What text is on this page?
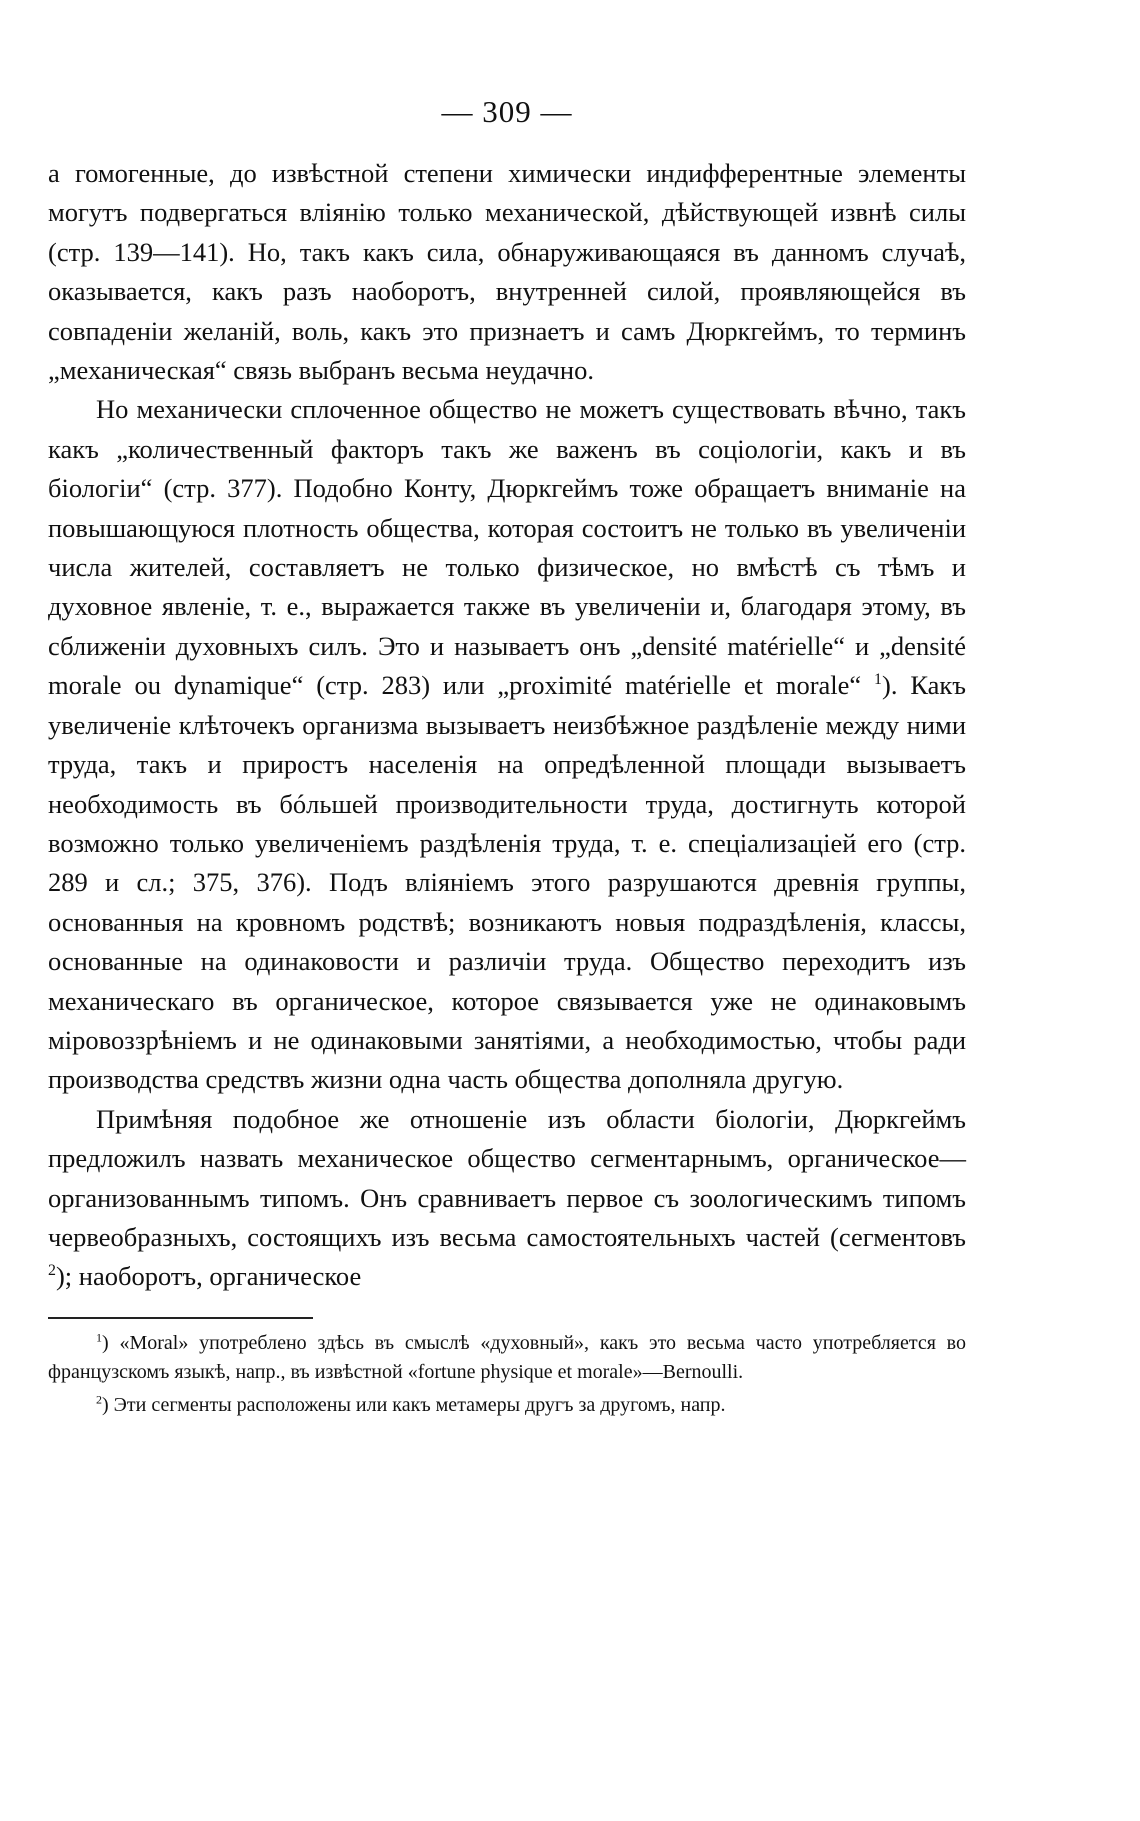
— 309 —

а гомогенные, до извѣстной степени химически индифферентные элементы могутъ подвергаться вліянію только механической, дѣйствующей извнѣ силы (стр. 139—141). Но, такъ какъ сила, обнаруживающаяся въ данномъ случаѣ, оказывается, какъ разъ наоборотъ, внутренней силой, проявляющейся въ совпаденіи желаній, воль, какъ это признаетъ и самъ Дюркгеймъ, то терминъ „механическая“ связь выбранъ весьма неудачно.

Но механически сплоченное общество не можетъ существовать вѣчно, такъ какъ „количественный факторъ такъ же важенъ въ соціологіи, какъ и въ біологіи“ (стр. 377). Подобно Конту, Дюркгеймъ тоже обращаетъ вниманіе на повышающуюся плотность общества, которая состоитъ не только въ увеличеніи числа жителей, составляетъ не только физическое, но вмѣстѣ съ тѣмъ и духовное явленіе, т. е., выражается также въ увеличеніи и, благодаря этому, въ сближеніи духовныхъ силъ. Это и называетъ онъ „densité matérielle“ и „densité morale ou dynamique“ (стр. 283) или „proximité matérielle et morale“ $^1$). Какъ увеличеніе клѣточекъ организма вызываетъ неизбѣжное раздѣленіе между ними труда, такъ и приростъ населенія на опредѣленной площади вызываетъ необходимость въ бóльшей производительности труда, достигнуть которой возможно только увеличеніемъ раздѣленія труда, т. е. спеціализаціей его (стр. 289 и сл.; 375, 376). Подъ вліяніемъ этого разрушаются древнія группы, основанныя на кровномъ родствѣ; возникаютъ новыя подраздѣленія, классы, основанные на одинаковости и различіи труда. Общество переходитъ изъ механическаго въ органическое, которое связывается уже не одинаковымъ міровоззрѣніемъ и не одинаковыми занятіями, а необходимостью, чтобы ради производства средствъ жизни одна часть общества дополняла другую.

Примѣняя подобное же отношеніе изъ области біологіи, Дюркгеймъ предложилъ назвать механическое общество сегментарнымъ, органическое—организованнымъ типомъ. Онъ сравниваетъ первое съ зоологическимъ типомъ червеобразныхъ, состоящихъ изъ весьма самостоятельныхъ частей (сегментовъ $^2$); наоборотъ, органическое

$^1$) «Moral» употреблено здѣсь въ смыслѣ «духовный», какъ это весьма часто употребляется во французскомъ языкѣ, напр., въ извѣстной «fortune physique et morale»—Bernoulli.

$^2$) Эти сегменты расположены или какъ метамеры другъ за другомъ, напр.
